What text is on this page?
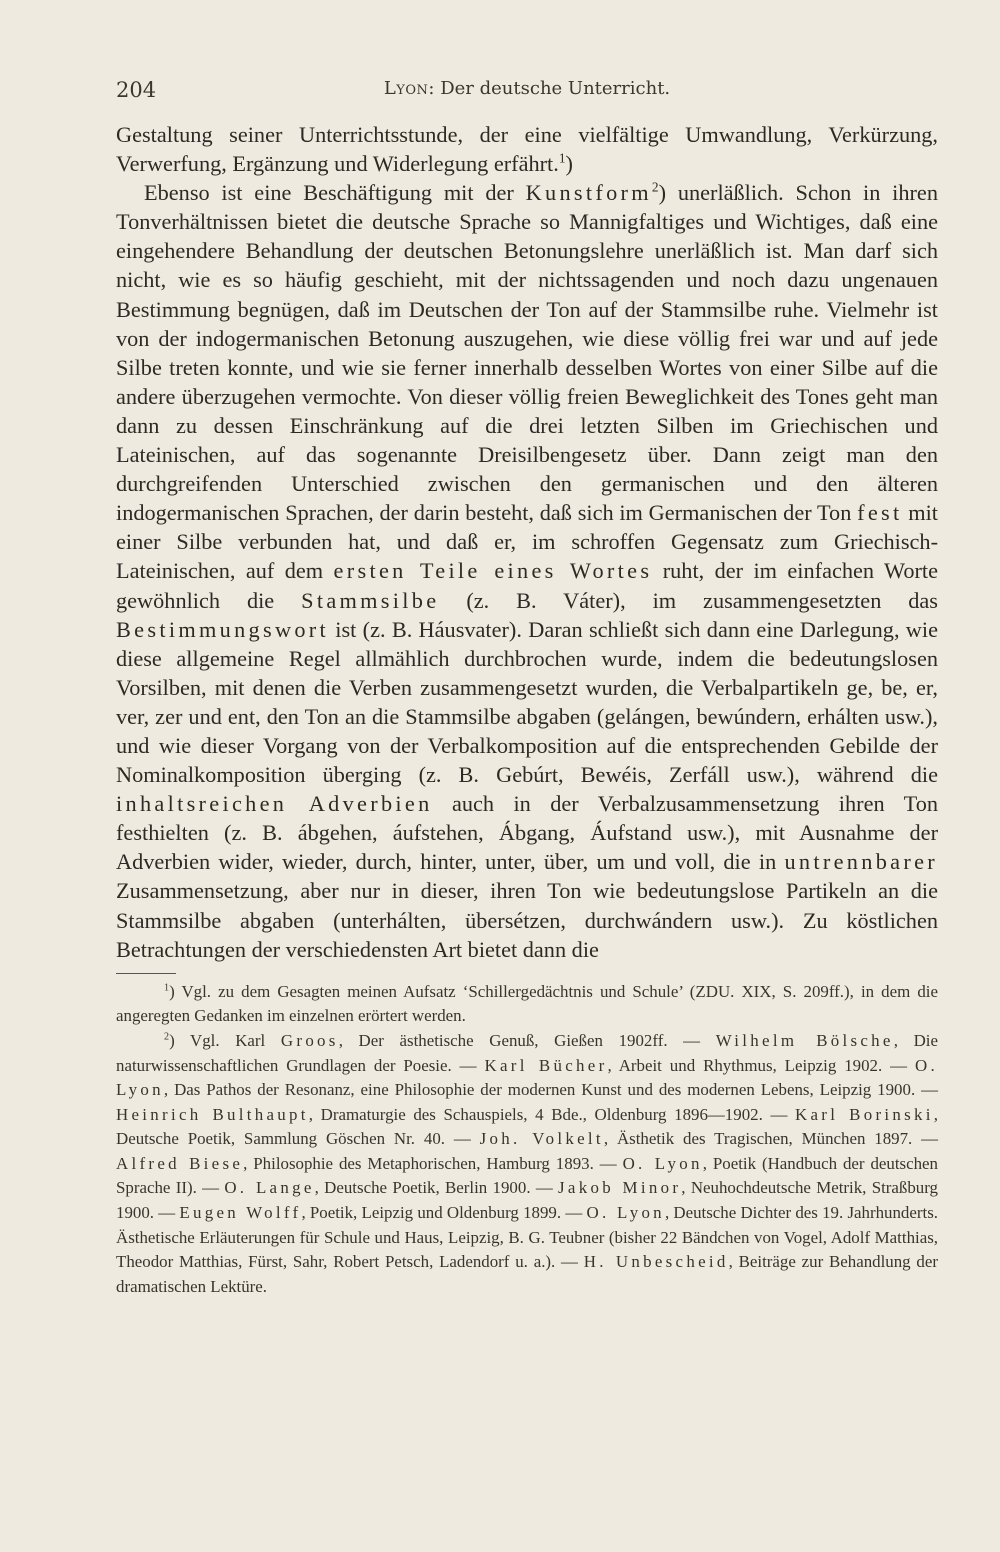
204	Lyon: Der deutsche Unterricht.

Gestaltung seiner Unterrichtsstunde, der eine vielfältige Umwandlung, Verkürzung, Verwerfung, Ergänzung und Widerlegung erfährt.$^1$)

Ebenso ist eine Beschäftigung mit der Kunstform$^2$) unerläßlich. Schon in ihren Tonverhältnissen bietet die deutsche Sprache so Mannigfaltiges und Wichtiges, daß eine eingehendere Behandlung der deutschen Betonungslehre unerläßlich ist. Man darf sich nicht, wie es so häufig geschieht, mit der nichtssagenden und noch dazu ungenauen Bestimmung begnügen, daß im Deutschen der Ton auf der Stammsilbe ruhe. Vielmehr ist von der indogermanischen Betonung auszugehen, wie diese völlig frei war und auf jede Silbe treten konnte, und wie sie ferner innerhalb desselben Wortes von einer Silbe auf die andere überzugehen vermochte. Von dieser völlig freien Beweglichkeit des Tones geht man dann zu dessen Einschränkung auf die drei letzten Silben im Griechischen und Lateinischen, auf das sogenannte Dreisilbengesetz über. Dann zeigt man den durchgreifenden Unterschied zwischen den germanischen und den älteren indogermanischen Sprachen, der darin besteht, daß sich im Germanischen der Ton fest mit einer Silbe verbunden hat, und daß er, im schroffen Gegensatz zum Griechisch-Lateinischen, auf dem ersten Teile eines Wortes ruht, der im einfachen Worte gewöhnlich die Stammsilbe (z. B. Váter), im zusammengesetzten das Bestimmungswort ist (z. B. Háusvater). Daran schließt sich dann eine Darlegung, wie diese allgemeine Regel allmählich durchbrochen wurde, indem die bedeutungslosen Vorsilben, mit denen die Verben zusammengesetzt wurden, die Verbalpartikeln ge, be, er, ver, zer und ent, den Ton an die Stammsilbe abgaben (gelángen, bewúndern, erhálten usw.), und wie dieser Vorgang von der Verbalkomposition auf die entsprechenden Gebilde der Nominalkomposition überging (z. B. Gebúrt, Bewéis, Zerfáll usw.), während die inhaltsreichen Adverbien auch in der Verbalzusammensetzung ihren Ton festhielten (z. B. ábgehen, áufstehen, Ábgang, Áufstand usw.), mit Ausnahme der Adverbien wider, wieder, durch, hinter, unter, über, um und voll, die in untrennbarer Zusammensetzung, aber nur in dieser, ihren Ton wie bedeutungslose Partikeln an die Stammsilbe abgaben (unterhálten, übersétzen, durchwándern usw.). Zu köstlichen Betrachtungen der verschiedensten Art bietet dann die

$^1$) Vgl. zu dem Gesagten meinen Aufsatz ‘Schillergedächtnis und Schule’ (ZDU. XIX, S. 209ff.), in dem die angeregten Gedanken im einzelnen erörtert werden.

$^2$) Vgl. Karl Groos, Der ästhetische Genuß, Gießen 1902ff. — Wilhelm Bölsche, Die naturwissenschaftlichen Grundlagen der Poesie. — Karl Bücher, Arbeit und Rhythmus, Leipzig 1902. — O. Lyon, Das Pathos der Resonanz, eine Philosophie der modernen Kunst und des modernen Lebens, Leipzig 1900. — Heinrich Bulthaupt, Dramaturgie des Schauspiels, 4 Bde., Oldenburg 1896—1902. — Karl Borinski, Deutsche Poetik, Sammlung Göschen Nr. 40. — Joh. Volkelt, Ästhetik des Tragischen, München 1897. — Alfred Biese, Philosophie des Metaphorischen, Hamburg 1893. — O. Lyon, Poetik (Handbuch der deutschen Sprache II). — O. Lange, Deutsche Poetik, Berlin 1900. — Jakob Minor, Neuhochdeutsche Metrik, Straßburg 1900. — Eugen Wolff, Poetik, Leipzig und Oldenburg 1899. — O. Lyon, Deutsche Dichter des 19. Jahrhunderts. Ästhetische Erläuterungen für Schule und Haus, Leipzig, B. G. Teubner (bisher 22 Bändchen von Vogel, Adolf Matthias, Theodor Matthias, Fürst, Sahr, Robert Petsch, Ladendorf u. a.). — H. Unbescheid, Beiträge zur Behandlung der dramatischen Lektüre.
